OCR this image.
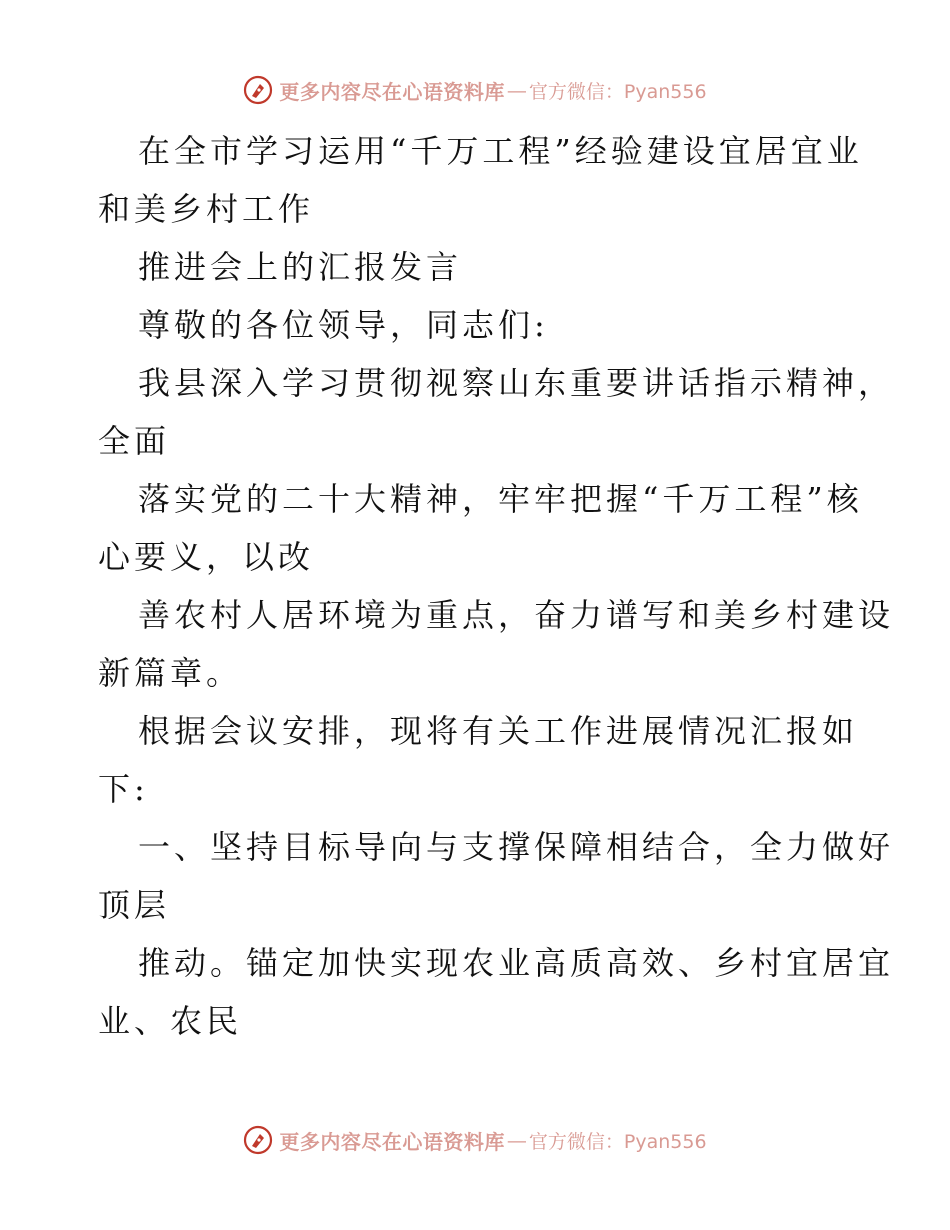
更多内容尽在心语资料库 — 官方微信：Pyan556
在全市学习运用“千万工程”经验建设宜居宜业
和美乡村工作
推进会上的汇报发言
尊敬的各位领导，同志们:
我县深入学习贯彻视察山东重要讲话指示精神，
全面
落实党的二十大精神，牢牢把握“千万工程”核
心要义，以改
善农村人居环境为重点，奋力谱写和美乡村建设
新篇章。
根据会议安排，现将有关工作进展情况汇报如
下:
一、坚持目标导向与支撑保障相结合，全力做好
顶层
推动。锚定加快实现农业高质高效、乡村宜居宜
业、农民
更多内容尽在心语资料库 — 官方微信：Pyan556
